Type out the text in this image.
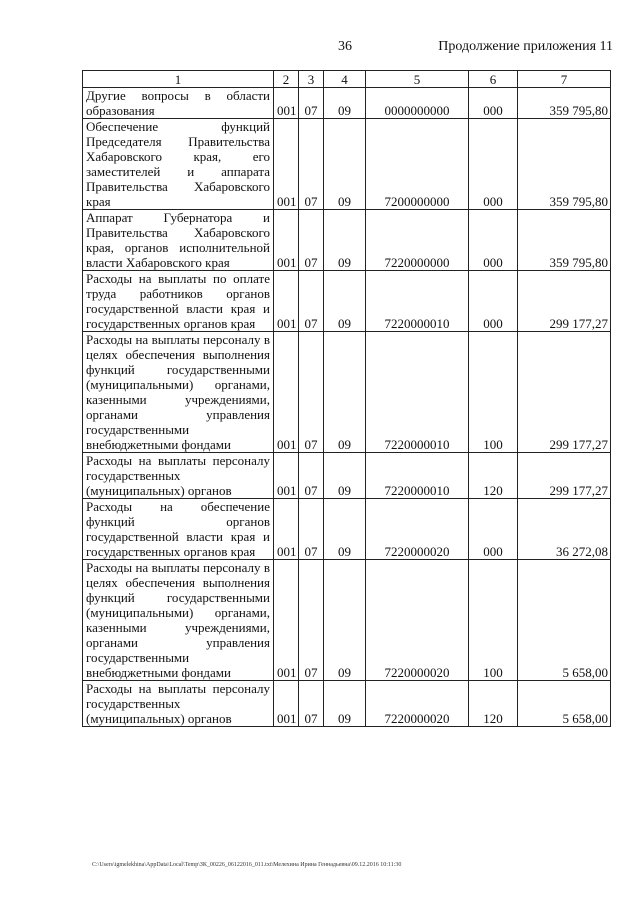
36	Продолжение приложения 11
1	2	3	4	5	6	7
Другие вопросы в области образования	001	07	09	0000000000	000	359 795,80
Обеспечение функций Председателя Правительства Хабаровского края, его заместителей и аппарата Правительства Хабаровского края	001	07	09	7200000000	000	359 795,80
Аппарат Губернатора и Правительства Хабаровского края, органов исполнительной власти Хабаровского края	001	07	09	7220000000	000	359 795,80
Расходы на выплаты по оплате труда работников органов государственной власти края и государственных органов края	001	07	09	7220000010	000	299 177,27
Расходы на выплаты персоналу в целях обеспечения выполнения функций государственными (муниципальными) органами, казенными учреждениями, органами управления государственными внебюджетными фондами	001	07	09	7220000010	100	299 177,27
Расходы на выплаты персоналу государственных (муниципальных) органов	001	07	09	7220000010	120	299 177,27
Расходы на обеспечение функций органов государственной власти края и государственных органов края	001	07	09	7220000020	000	36 272,08
Расходы на выплаты персоналу в целях обеспечения выполнения функций государственными (муниципальными) органами, казенными учреждениями, органами управления государственными внебюджетными фондами	001	07	09	7220000020	100	5 658,00
Расходы на выплаты персоналу государственных (муниципальных) органов	001	07	09	7220000020	120	5 658,00
C:\Users\igmelekhina\AppData\Local\Temp\ЗК_00226_06122016_011.txt\Мелехина Ирина Геннадьевна\09.12.2016 10:11:30
